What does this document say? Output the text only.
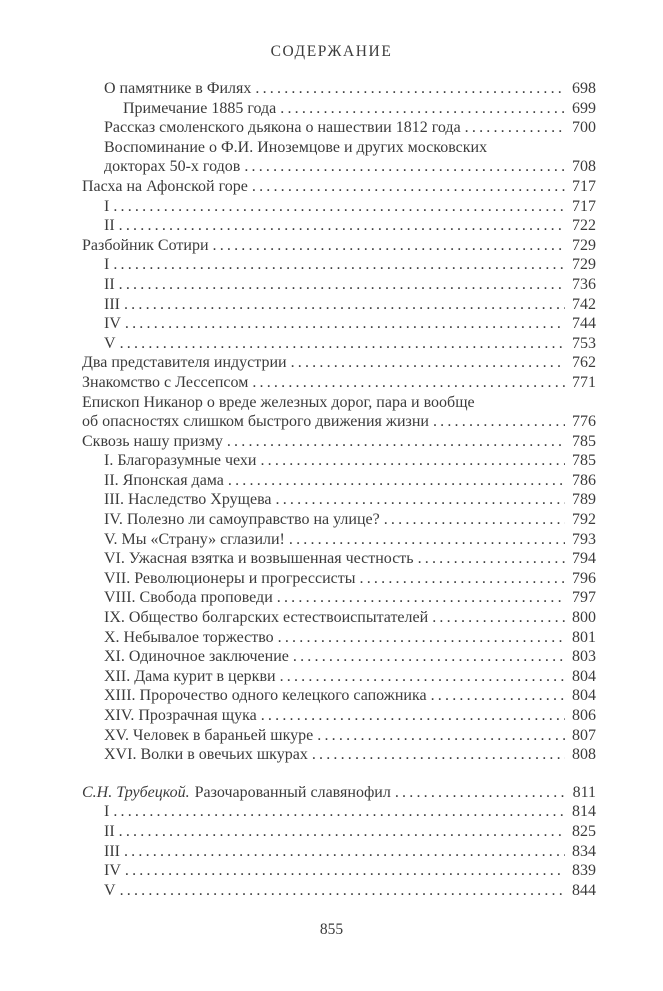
СОДЕРЖАНИЕ
О памятнике в Филях .....	698
Примечание 1885 года .....	699
Рассказ смоленского дьякона о нашествии 1812 года .....	700
Воспоминание о Ф.И. Иноземцове и других московских
докторах 50-х годов .....	708
Пасха на Афонской горе .....	717
I .....	717
II .....	722
Разбойник Сотири .....	729
I .....	729
II .....	736
III .....	742
IV .....	744
V .....	753
Два представителя индустрии .....	762
Знакомство с Лессепсом .....	771
Епископ Никанор о вреде железных дорог, пара и вообще
об опасностях слишком быстрого движения жизни .....	776
Сквозь нашу призму .....	785
I. Благоразумные чехи .....	785
II. Японская дама .....	786
III. Наследство Хрущева .....	789
IV. Полезно ли самоуправство на улице? .....	792
V. Мы «Страну» сглазили! .....	793
VI. Ужасная взятка и возвышенная честность .....	794
VII. Революционеры и прогрессисты .....	796
VIII. Свобода проповеди .....	797
IX. Общество болгарских естествоиспытателей .....	800
X. Небывалое торжество .....	801
XI. Одиночное заключение .....	803
XII. Дама курит в церкви .....	804
XIII. Пророчество одного келецкого сапожника .....	804
XIV. Прозрачная щука .....	806
XV. Человек в бараньей шкуре .....	807
XVI. Волки в овечьих шкурах .....	808
С.Н. Трубецкой. Разочарованный славянофил .....	811
I .....	814
II .....	825
III .....	834
IV .....	839
V .....	844
855
